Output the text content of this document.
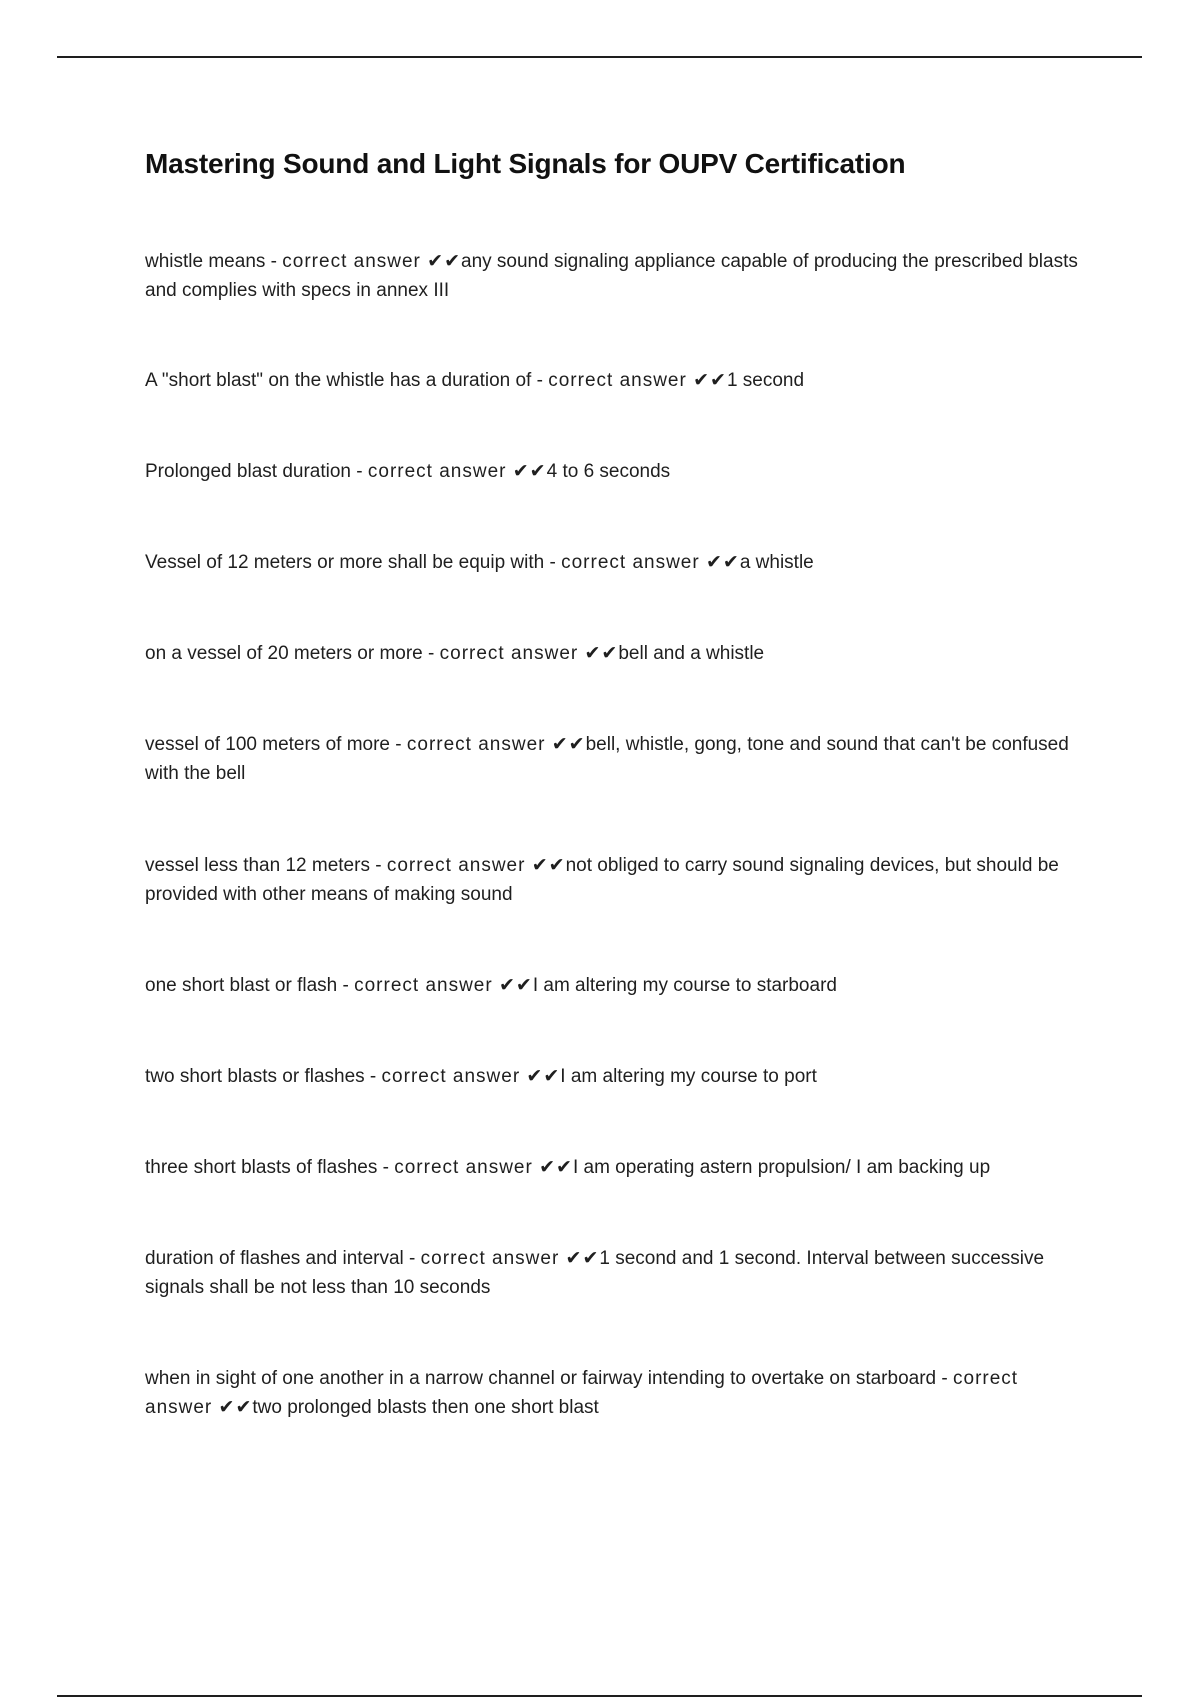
Mastering Sound and Light Signals for OUPV Certification

whistle means - correct answer ✔✔any sound signaling appliance capable of producing the prescribed blasts and complies with specs in annex III

A "short blast" on the whistle has a duration of - correct answer ✔✔1 second

Prolonged blast duration - correct answer ✔✔4 to 6 seconds

Vessel of 12 meters or more shall be equip with - correct answer ✔✔a whistle

on a vessel of 20 meters or more - correct answer ✔✔bell and a whistle

vessel of 100 meters of more - correct answer ✔✔bell, whistle, gong, tone and sound that can't be confused with the bell

vessel less than 12 meters - correct answer ✔✔not obliged to carry sound signaling devices, but should be provided with other means of making sound

one short blast or flash - correct answer ✔✔I am altering my course to starboard

two short blasts or flashes - correct answer ✔✔I am altering my course to port

three short blasts of flashes - correct answer ✔✔I am operating astern propulsion/ I am backing up

duration of flashes and interval - correct answer ✔✔1 second and 1 second. Interval between successive signals shall be not less than 10 seconds

when in sight of one another in a narrow channel or fairway intending to overtake on starboard - correct answer ✔✔two prolonged blasts then one short blast
